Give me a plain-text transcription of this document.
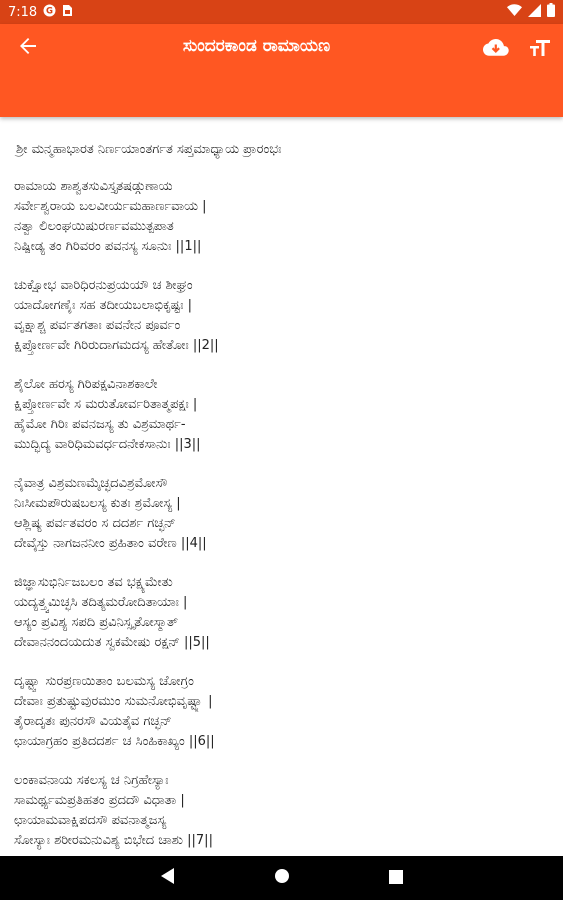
7:18 G
ಸುಂದರಕಾಂಡ ರಾಮಾಯಣ
ಶ್ರೀ ಮನ್ಮಹಾಭಾರತ ನಿರ್ಣಯಾಂತರ್ಗತ ಸಪ್ತಮಾಧ್ಯಾಯ ಪ್ರಾರಂಭಃ
ರಾಮಾಯ ಶಾಶ್ವತಸುವಿಸ್ತೃತಷಡ್ಗುಣಾಯ
ಸರ್ವೇಶ್ವರಾಯ ಬಲವೀರ್ಯಮಹಾರ್ಣವಾಯ |
ನತ್ವಾ ಲಿಲಂಘಯಿಷುರರ್ಣವಮುತ್ಪಪಾತ
ನಿಷ್ಪೀಡ್ಯ ತಂ ಗಿರಿವರಂ ಪವನಸ್ಯ ಸೂನುಃ ||1||
ಚುಕ್ಷೋಭ ವಾರಿಧಿರನುಪ್ರಯಯೌ ಚ ಶೀಘ್ರಂ
ಯಾದೋಗಣೈಃ ಸಹ ತದೀಯಬಲಾಭಿಕೃಷ್ಟಃ |
ವೃಕ್ಷಾಶ್ಚ ಪರ್ವತಗತಾಃ ಪವನೇನ ಪೂರ್ವಂ
ಕ್ಷಿಪ್ತೋರ್ಣವೇ ಗಿರಿರುದಾಗಮದಸ್ಯ ಹೇತೋಃ ||2||
ಶೈಲೋ ಹರಸ್ಯ ಗಿರಿಪಕ್ಷವಿನಾಶಕಾಲೇ
ಕ್ಷಿಪ್ತೋರ್ಣವೇ ಸ ಮರುತೋರ್ವರಿತಾತ್ಮಪಕ್ಷಃ |
ಹೈಮೋ ಗಿರಿಃ ಪವನಜಸ್ಯ ತು ವಿಶ್ರಮಾರ್ಥ-
ಮುದ್ಭಿದ್ಯ ವಾರಿಧಿಮವರ್ಧದನೇಕಸಾನುಃ ||3||
ನೈವಾತ್ರ ವಿಶ್ರಮಣಮೈಚ್ಛದವಿಶ್ರಮೋಸೌ
ನಿಃಸೀಮಪೌರುಷಬಲಸ್ಯ ಕುತಃ ಶ್ರಮೋಸ್ಯ |
ಆಶ್ಲಿಷ್ಯ ಪರ್ವತವರಂ ಸ ದದರ್ಶ ಗಚ್ಛನ್
ದೇವೈಸ್ತು ನಾಗಜನನೀಂ ಪ್ರಹಿತಾಂ ವರೇಣ ||4||
ಜಿಜ್ಞಾಸುಭಿರ್ನಿಜಬಲಂ ತವ ಭಕ್ಷ್ಯಮೇತು
ಯದ್ಯತ್ತ್ವಮಿಚ್ಛಸಿ ತದಿತ್ಯಮರೋದಿತಾಯಾಃ |
ಆಸ್ಯಂ ಪ್ರವಿಶ್ಯ ಸಪದಿ ಪ್ರವಿನಿಸ್ಸೃತೋಸ್ಮಾತ್
ದೇವಾನನಂದಯದುತ ಸ್ವಕಮೇಷು ರಕ್ಷನ್ ||5||
ದೃಷ್ಟ್ವಾ ಸುರಪ್ರಣಯಿತಾಂ ಬಲಮಸ್ಯ ಚೋಗ್ರಂ
ದೇವಾಃ ಪ್ರತುಷ್ಟುವುರಮುಂ ಸುಮನೋಭಿವೃಷ್ಟ್ಯಾ |
ತೈರಾದೃತಃ ಪುನರಸೌ ವಿಯತೈವ ಗಚ್ಛನ್
ಛಾಯಾಗ್ರಹಂ ಪ್ರತಿದದರ್ಶ ಚ ಸಿಂಹಿಕಾಖ್ಯಂ ||6||
ಲಂಕಾವನಾಯ ಸಕಲಸ್ಯ ಚ ನಿಗ್ರಹೇಸ್ಯಾಃ
ಸಾಮರ್ಥ್ಯಮಪ್ರತಿಹತಂ ಪ್ರದದೌ ವಿಧಾತಾ |
ಛಾಯಾಮವಾಕ್ಷಿಪದಸೌ ಪವನಾತ್ಮಜಸ್ಯ
ಸೋಸ್ಯಾಃ ಶರೀರಮನುವಿಶ್ಯ ಬಿಭೇದ ಚಾಶು ||7||
